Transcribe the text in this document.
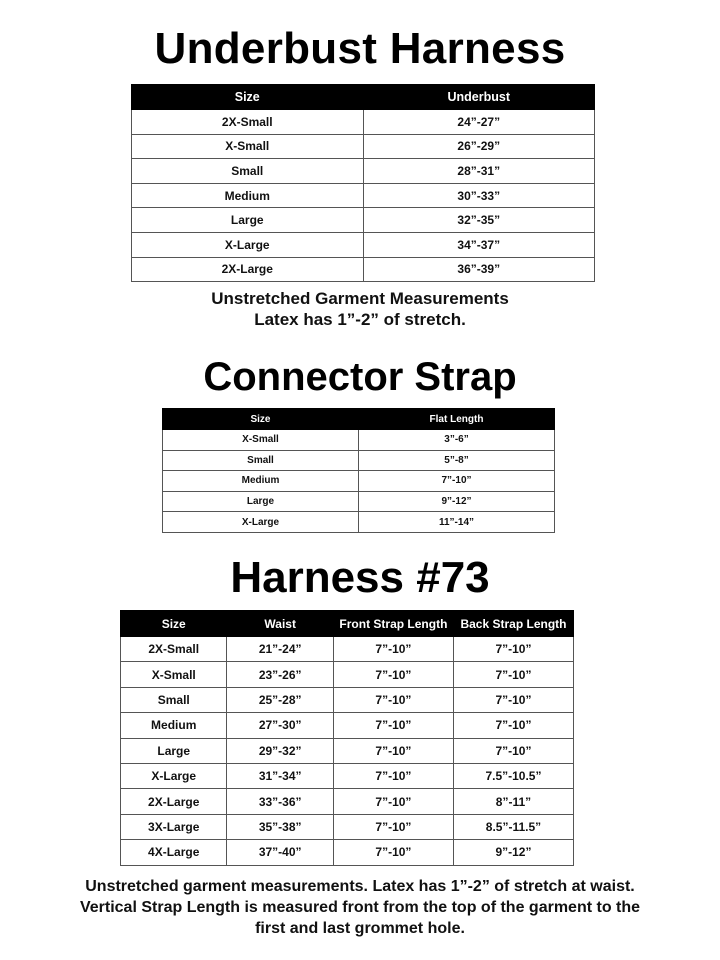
Underbust Harness
Size	Underbust
2X-Small	24”-27”
X-Small	26”-29”
Small	28”-31”
Medium	30”-33”
Large	32”-35”
X-Large	34”-37”
2X-Large	36”-39”
Unstretched Garment Measurements
Latex has 1”-2” of stretch.
Connector Strap
Size	Flat Length
X-Small	3”-6”
Small	5”-8”
Medium	7”-10”
Large	9”-12”
X-Large	11”-14”
Harness #73
Size	Waist	Front Strap Length	Back Strap Length
2X-Small	21”-24”	7”-10”	7”-10”
X-Small	23”-26”	7”-10”	7”-10”
Small	25”-28”	7”-10”	7”-10”
Medium	27”-30”	7”-10”	7”-10”
Large	29”-32”	7”-10”	7”-10”
X-Large	31”-34”	7”-10”	7.5”-10.5”
2X-Large	33”-36”	7”-10”	8”-11”
3X-Large	35”-38”	7”-10”	8.5”-11.5”
4X-Large	37”-40”	7”-10”	9”-12”
Unstretched garment measurements. Latex has 1”-2” of stretch at waist.
Vertical Strap Length is measured front from the top of the garment to the
first and last grommet hole.
